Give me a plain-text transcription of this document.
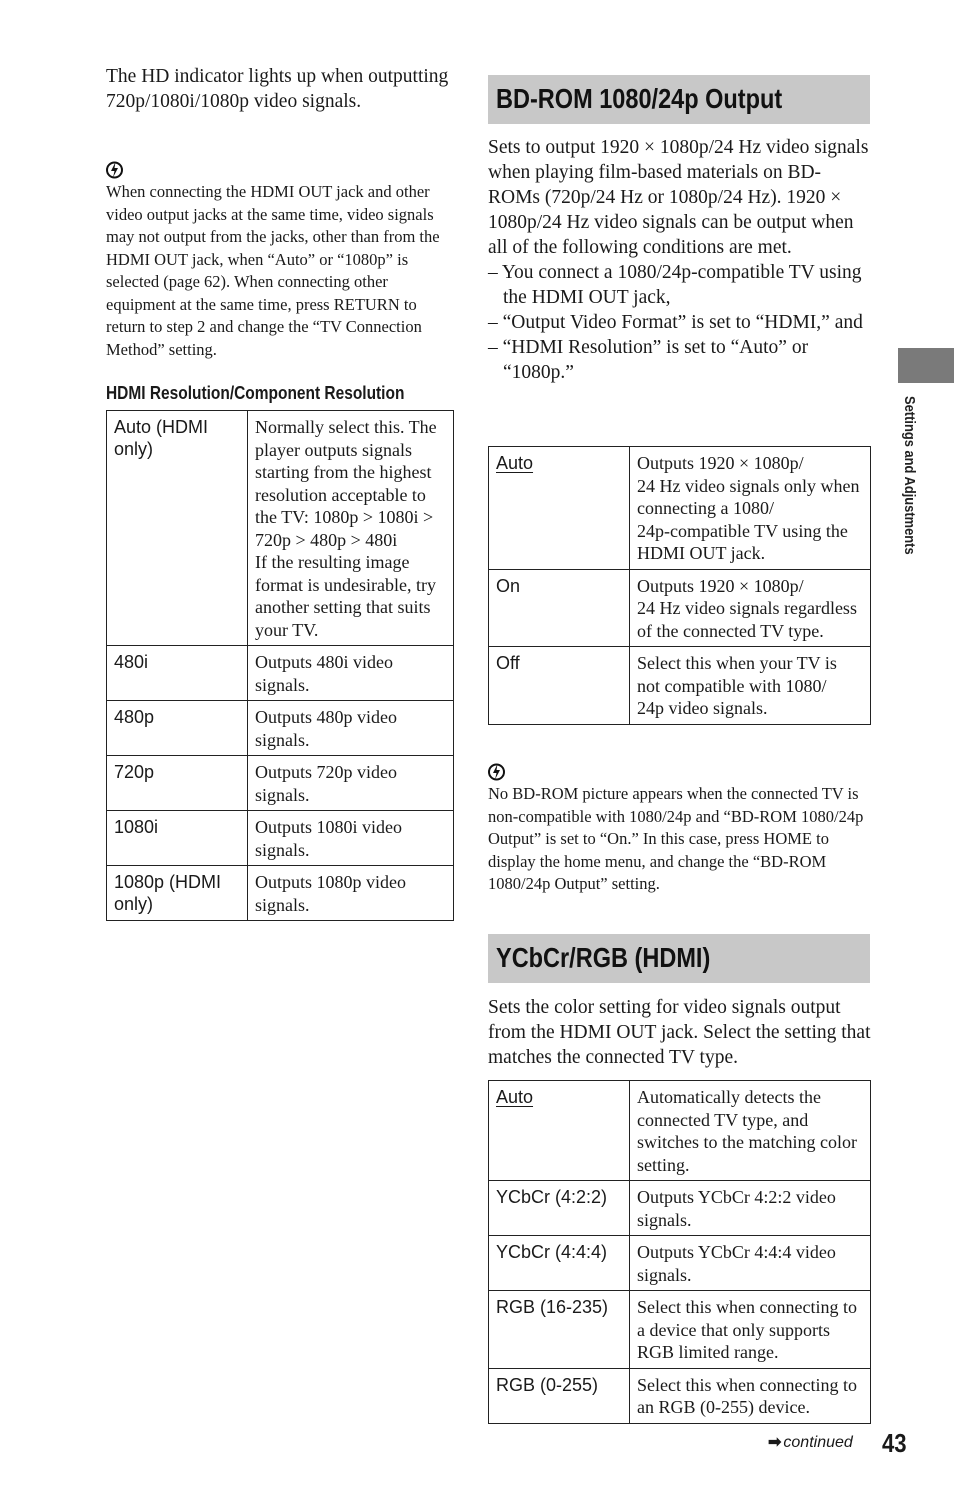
The HD indicator lights up when outputting 720p/1080i/1080p video signals.

When connecting the HDMI OUT jack and other video output jacks at the same time, video signals may not output from the jacks, other than from the HDMI OUT jack, when “Auto” or “1080p” is selected (page 62). When connecting other equipment at the same time, press RETURN to return to step 2 and change the “TV Connection Method” setting.

HDMI Resolution/Component Resolution
Auto (HDMI only)	Normally select this. The player outputs signals starting from the highest resolution acceptable to the TV: 1080p > 1080i > 720p > 480p > 480i
If the resulting image format is undesirable, try another setting that suits your TV.
480i	Outputs 480i video signals.
480p	Outputs 480p video signals.
720p	Outputs 720p video signals.
1080i	Outputs 1080i video signals.
1080p (HDMI only)	Outputs 1080p video signals.
BD-ROM 1080/24p Output

Sets to output 1920 × 1080p/24 Hz video signals when playing film-based materials on BD-ROMs (720p/24 Hz or 1080p/24 Hz). 1920 × 1080p/24 Hz video signals can be output when all of the following conditions are met.

– You connect a 1080/24p-compatible TV using the HDMI OUT jack,

– “Output Video Format” is set to “HDMI,” and

– “HDMI Resolution” is set to “Auto” or “1080p.”

Auto	Outputs 1920 × 1080p/
24 Hz video signals only when connecting a 1080/
24p-compatible TV using the HDMI OUT jack.
On	Outputs 1920 × 1080p/
24 Hz video signals regardless of the connected TV type.
Off	Select this when your TV is not compatible with 1080/
24p video signals.

No BD-ROM picture appears when the connected TV is non-compatible with 1080/24p and “BD-ROM 1080/24p Output” is set to “On.” In this case, press HOME to display the home menu, and change the “BD-ROM 1080/24p Output” setting.

YCbCr/RGB (HDMI)

Sets the color setting for video signals output from the HDMI OUT jack. Select the setting that matches the connected TV type.

Auto	Automatically detects the connected TV type, and switches to the matching color setting.
YCbCr (4:2:2)	Outputs YCbCr 4:2:2 video signals.
YCbCr (4:4:4)	Outputs YCbCr 4:4:4 video signals.
RGB (16-235)	Select this when connecting to a device that only supports RGB limited range.
RGB (0-255)	Select this when connecting to an RGB (0-255) device.
Settings and Adjustments
➡ continued 43
